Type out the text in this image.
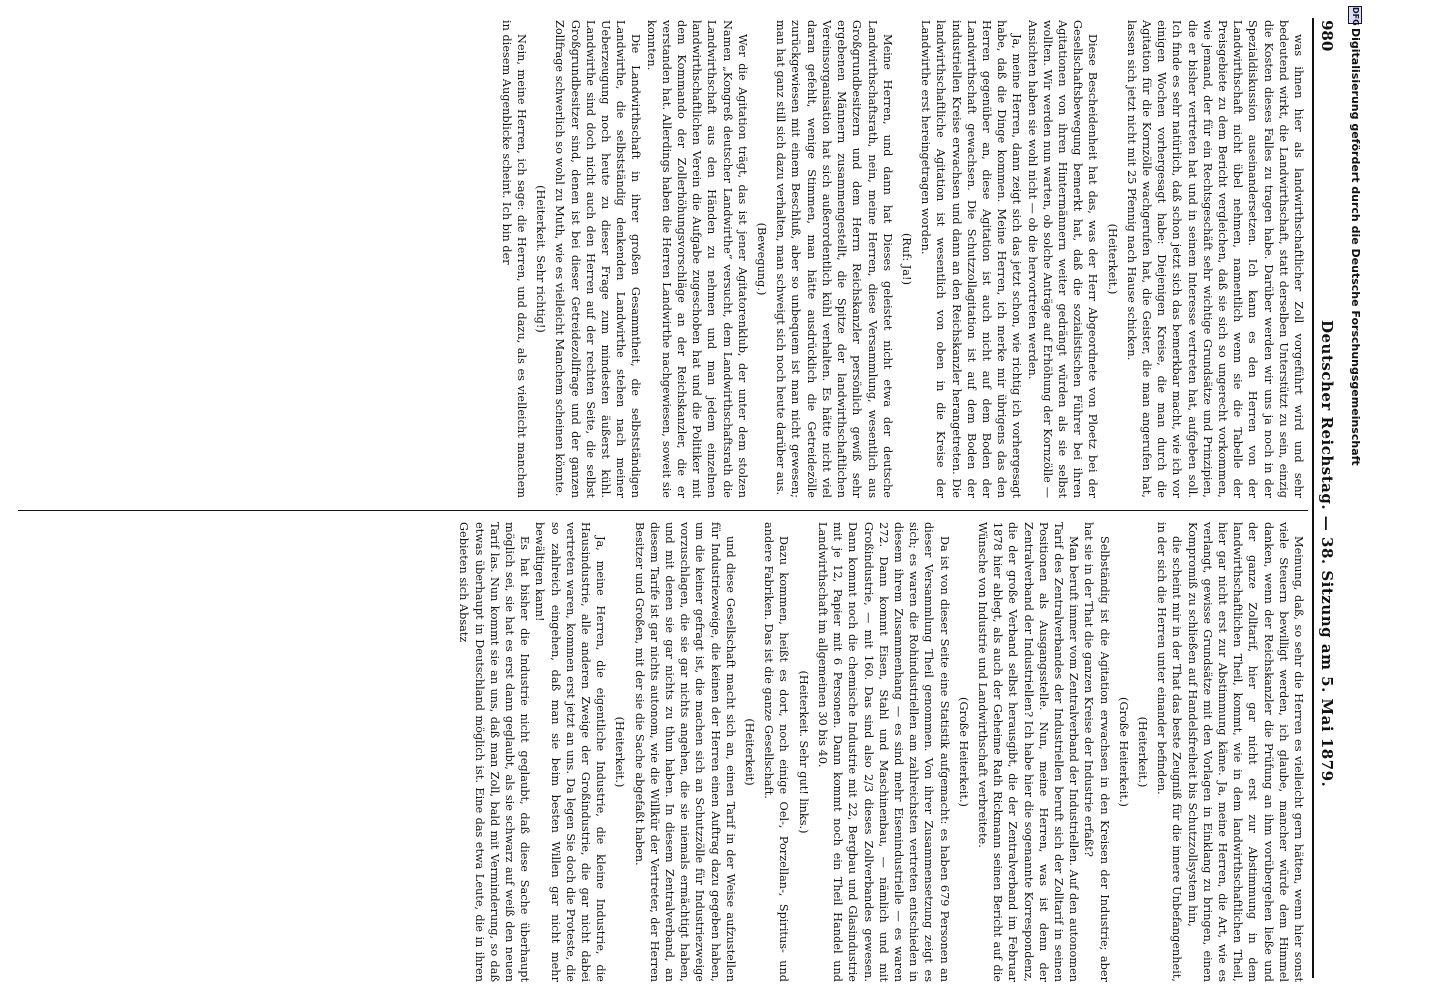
DFG
Digitalisierung gefördert durch die Deutsche Forschungsgemeinschaft
980
Deutscher Reichstag. — 38. Sitzung am 5. Mai 1879.

was ihnen hier als landwirthschaftlicher Zoll vorgeführt wird und sehr bedeutend wirkt, die Landwirthschaft, statt derselben Unterstützt zu sein, einzig die Kosten dieses Falles zu tragen habe. Darüber werden wir uns ja noch in der Spezialdiskussion auseinandersetzen. Ich kann es den Herren von der Landwirthschaft nicht übel nehmen, namentlich wenn sie die Tabelle der Preisgebiete zu dem Bericht vergleichen, daß sie sich so ungerecht vorkommen, wie jemand, der für ein Rechtsgeschäft sehr wichtige Grundsätze und Prinzipien, die er bisher vertreten hat und in seinem Interesse vertreten hat, aufgeben soll. Ich finde es sehr natürlich, daß schon jetzt sich das bemerkbar macht, wie ich vor einigen Wochen vorhergesagt habe: Diejenigen Kreise, die man durch die Agitation für die Kornzölle wachgerufen hat, die Geister, die man angerufen hat, lassen sich jetzt nicht mit 25 Pfennig nach Hause schicken.

(Heiterkeit.)

Diese Bescheidenheit hat das, was der Herr Abgeordnete von Ploetz bei der Gesellschaftsbewegung bemerkt hat, daß die sozialistischen Führer bei ihren Agitationen von ihren Hintermännern weiter gedrängt würden als sie selbst wollten. Wir werden nun warten, ob solche Anträge auf Erhöhung der Kornzölle — Ansichten haben sie wohl nicht — ob die hervortreten werden.

Ja, meine Herren, dann zeigt sich das jetzt schon, wie richtig ich vorhergesagt habe, daß die Dinge kommen. Meine Herren, ich merke mir übrigens das den Herren gegenüber an, diese Agitation ist auch nicht auf dem Boden der Landwirthschaft gewachsen. Die Schutzzollagitation ist auf dem Boden der industriellen Kreise erwachsen und dann an den Reichskanzler herangetreten. Die landwirthschaftliche Agitation ist wesentlich von oben in die Kreise der Landwirthe erst hereingetragen worden.

(Ruf: Ja!)

Meine Herren, und dann hat Dieses geleistet nicht etwa der deutsche Landwirthschaftsrath, nein, meine Herren, diese Versammlung, wesentlich aus Großgrundbesitzern und dem Herrn Reichskanzler persönlich gewiß sehr ergebenen Männern zusammengestellt, die Spitze der landwirthschaftlichen Vereinsorganisation hat sich außerordentlich kühl verhalten. Es hätte nicht viel daran gefehlt, wenige Stimmen, man hätte ausdrücklich die Getreidezölle zurückgewiesen mit einem Beschluß, aber so unbequem ist man nicht gewesen; man hat ganz still sich dazu verhalten, man schweigt sich noch heute darüber aus.

(Bewegung.)

Wer die Agitation trägt, das ist jener Agitatorenklub, der unter dem stolzen Namen „Kongreß deutscher Landwirthe“ versucht, dem Landwirthschaftsrath die Landwirthschaft aus den Händen zu nehmen und man jedem einzelnen landwirthschaftlichen Verein die Aufgabe zugeschoben hat und die Politiker mit dem Kommando der Zollerhöhungsvorschläge an der Reichskanzler, die er verstanden hat. Allerdings haben die Herren Landwirthe nachgewiesen, soweit sie konnten.

Die Landwirthschaft in ihrer großen Gesammtheit, die selbstständigen Landwirthe, die selbstständig denkenden Landwirthe stehen nach meiner Ueberzeugung noch heute zu dieser Frage zum mindesten äußerst kühl. Landwirthe sind doch nicht auch den Herren auf der rechten Seite, die selbst Großgrundbesitzer sind, denen ist bei dieser Getreidezollfrage und der ganzen Zollfrage schwerlich so wohl zu Muth, wie es vielleicht Manchem scheinen könnte.

(Heiterkeit. Sehr richtig!)

Nein, meine Herren, ich sage: die Herren, und dazu, als es vielleicht manchem in diesem Augenblicke scheint. Ich bin der

Meinung, daß, so sehr die Herren es vielleicht gern hätten, wenn hier sonst viele Steuern bewilligt werden, ich glaube, mancher würde dem Himmel danken, wenn der Reichskanzler die Prüfung an ihm vorübergehen ließe und der ganze Zolltarif, hier gar nicht erst zur Abstimmung in dem landwirthschaftlichen Theil, kommt, wie in dem landwirthschaftlichen Theil, hier gar nicht erst zur Abstimmung käme. Ja, meine Herren, die Art, wie es verlangt, gewisse Grundsätze mit den Vorlagen in Einklang zu bringen, einen Kompromiß zu schließen auf Handelsfreiheit bis Schutzzollsystem hin,

die scheint mir in der That das beste Zeugniß für die innere Unbefangenheit, in der sich die Herren unter einander befinden.

(Heiterkeit.)

(Große Heiterkeit.)

Selbständig ist die Agitation erwachsen in den Kreisen der Industrie; aber hat sie in der That die ganzen Kreise der Industrie erfaßt?

Man beruft immer vom Zentralverband der Industriellen. Auf den autonomen Tarif des Zentralverbandes der Industriellen beruft sich der Zolltarif in seinen Positionen als Ausgangsstelle. Nun, meine Herren, was ist denn der Zentralverband der Industriellen? Ich habe hier die sogenannte Korrespondenz, die der große Verband selbst herausgibt, die der Zentralverband im Februar 1878 hier ablegt, als auch der Geheime Rath Rickmann seinen Bericht auf die Wünsche von Industrie und Landwirthschaft verbreitete.

(Große Heiterkeit.)

Da ist von dieser Seite eine Statistik aufgemacht: es haben 679 Personen an dieser Versammlung Theil genommen. Von ihrer Zusammensetzung zeigt es sich; es waren die Rohindustriellen am zahlreichsten vertreten entschieden in diesem ihrem Zusammenhang — es sind mehr Eisenindustrielle — es waren 272. Dann kommt Eisen, Stahl und Maschinenbau, — nämlich und mit Großindustrie, — mit 160. Das sind also 2/3 dieses Zollverbandes gewesen. Dann kommt noch die chemische Industrie mit 22, Bergbau und Glasindustrie mit je 12, Papier mit 6 Personen. Dann kommt noch ein Theil Handel und Landwirthschaft im allgemeinen 30 bis 40.

(Heiterkeit. Sehr gut! links.)

Dazu kommen, heißt es dort, noch einige Oel-, Porzellan-, Spiritus- und andere Fabriken. Das ist die ganze Gesellschaft.

(Heiterkeit)

und diese Gesellschaft macht sich an, einen Tarif in der Weise aufzustellen für Industriezweige, die keinen der Herren einen Auftrag dazu gegeben haben, um die keiner gefragt ist, die machen sich an Schutzzölle für Industriezweige vorzuschlagen, die sie gar nichts angehen, die sie niemals ermächtigt haben, und mit denen sie gar nichts zu thun haben. In diesem Zentralverband, an diesem Tarife ist gar nichts autonom, wie die Willkür der Vertreter, der Herren Besitzer und Großen, mit der sie die Sache abgefaßt haben.

(Heiterkeit.)

Ja, meine Herren, die eigentliche Industrie, die kleine Industrie, die Hausindustrie, alle anderen Zweige der Großindustrie, die gar nicht dabei vertreten waren, kommen erst jetzt an uns. Da legen Sie doch die Proteste, die so zahlreich eingehen, daß man sie beim besten Willen gar nicht mehr bewältigen kann!

Es hat bisher die Industrie nicht geglaubt, daß diese Sache überhaupt möglich sei, sie hat es erst dann geglaubt, als sie schwarz auf weiß den neuen Tarif las. Nun kommt sie an uns, daß man Zoll, bald mit Verminderung, so daß etwas überhaupt in Deutschland möglich ist. Eine das etwa Leute, die in ihren Gebieten sich Absatz
